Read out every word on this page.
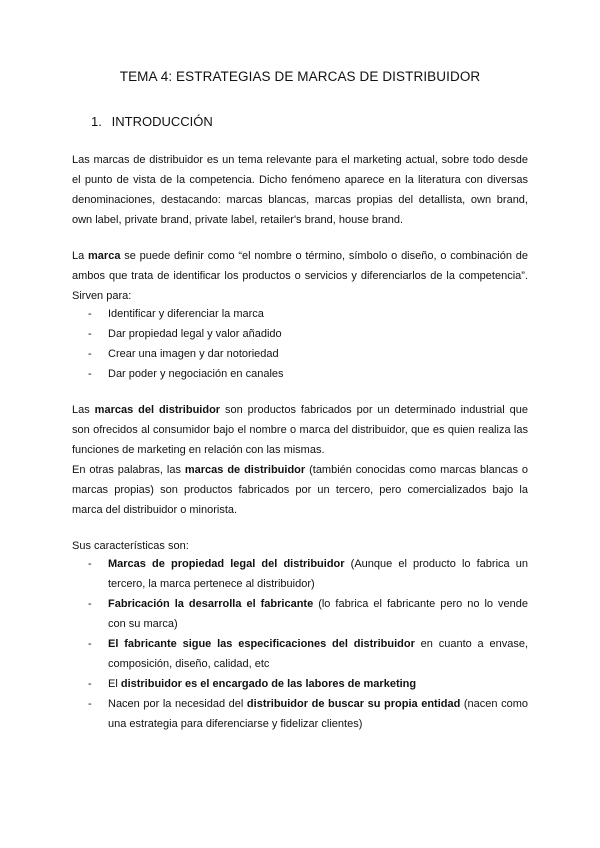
TEMA 4: ESTRATEGIAS DE MARCAS DE DISTRIBUIDOR
1. INTRODUCCIÓN
Las marcas de distribuidor es un tema relevante para el marketing actual, sobre todo desde
el punto de vista de la competencia. Dicho fenómeno aparece en la literatura con diversas
denominaciones, destacando: marcas blancas, marcas propias del detallista, own brand,
own label, private brand, private label, retailer's brand, house brand.
La marca se puede definir como “el nombre o término, símbolo o diseño, o combinación de
ambos que trata de identificar los productos o servicios y diferenciarlos de la competencia”.
Sirven para:
- Identificar y diferenciar la marca
- Dar propiedad legal y valor añadido
- Crear una imagen y dar notoriedad
- Dar poder y negociación en canales
Las marcas del distribuidor son productos fabricados por un determinado industrial que
son ofrecidos al consumidor bajo el nombre o marca del distribuidor, que es quien realiza las
funciones de marketing en relación con las mismas.
En otras palabras, las marcas de distribuidor (también conocidas como marcas blancas o
marcas propias) son productos fabricados por un tercero, pero comercializados bajo la
marca del distribuidor o minorista.
Sus características son:
- Marcas de propiedad legal del distribuidor (Aunque el producto lo fabrica un
tercero, la marca pertenece al distribuidor)
- Fabricación la desarrolla el fabricante (lo fabrica el fabricante pero no lo vende
con su marca)
- El fabricante sigue las especificaciones del distribuidor en cuanto a envase,
composición, diseño, calidad, etc
- El distribuidor es el encargado de las labores de marketing
- Nacen por la necesidad del distribuidor de buscar su propia entidad (nacen como
una estrategia para diferenciarse y fidelizar clientes)
